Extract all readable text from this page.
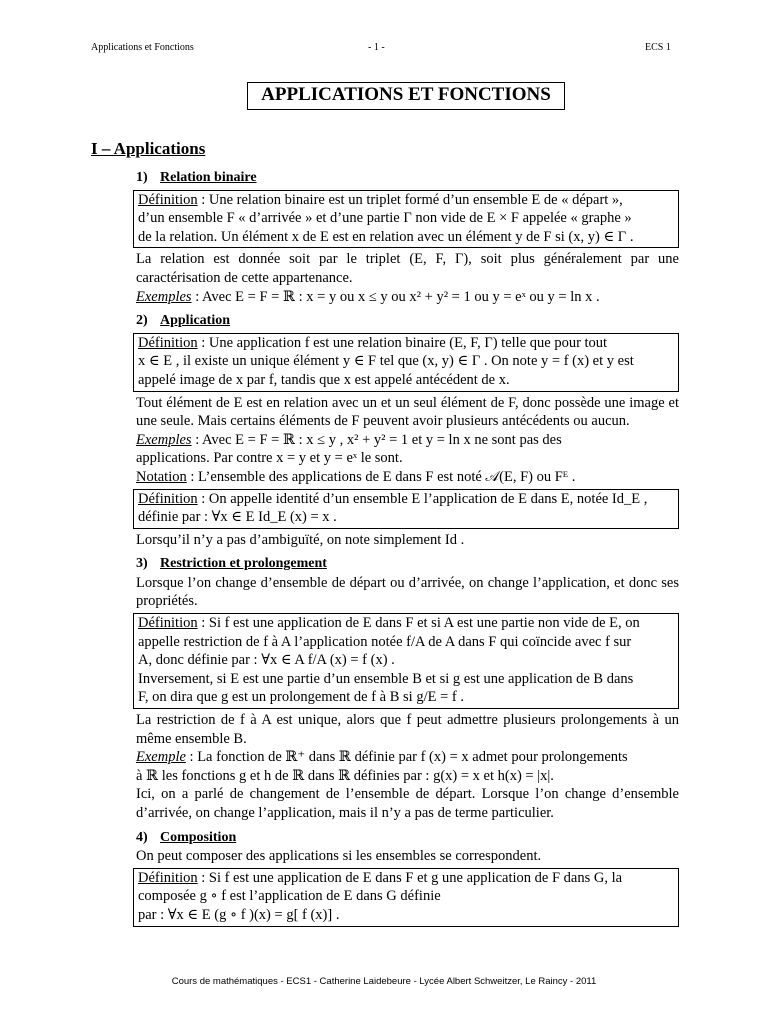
Applications et Fonctions	- 1 -	ECS 1
APPLICATIONS ET FONCTIONS
I – Applications
1) Relation binaire

Définition : Une relation binaire est un triplet formé d’un ensemble E de « départ »,

d’un ensemble F « d’arrivée » et d’une partie Γ non vide de E × F appelée « graphe »

de la relation. Un élément x de E est en relation avec un élément y de F si (x, y) ∈ Γ .

La relation est donnée soit par le triplet (E, F, Γ), soit plus généralement par une caractérisation de cette appartenance.

Exemples : Avec E = F = ℝ : x = y ou x ≤ y ou x² + y² = 1 ou y = eˣ ou y = ln x .

2) Application

Définition : Une application f est une relation binaire (E, F, Γ) telle que pour tout

x ∈ E , il existe un unique élément y ∈ F tel que (x, y) ∈ Γ . On note y = f (x) et y est

appelé image de x par f, tandis que x est appelé antécédent de x.

Tout élément de E est en relation avec un et un seul élément de F, donc possède une image et une seule. Mais certains éléments de F peuvent avoir plusieurs antécédents ou aucun.

Exemples : Avec E = F = ℝ : x ≤ y , x² + y² = 1 et y = ln x ne sont pas des

applications. Par contre x = y et y = eˣ le sont.

Notation : L’ensemble des applications de E dans F est noté 𝒜(E, F) ou Fᴱ .

Définition : On appelle identité d’un ensemble E l’application de E dans E, notée Id_E ,

définie par : ∀x ∈ E Id_E (x) = x .

Lorsqu’il n’y a pas d’ambiguïté, on note simplement Id .

3) Restriction et prolongement

Lorsque l’on change d’ensemble de départ ou d’arrivée, on change l’application, et donc ses propriétés.

Définition : Si f est une application de E dans F et si A est une partie non vide de E, on

appelle restriction de f à A l’application notée f/A de A dans F qui coïncide avec f sur

A, donc définie par : ∀x ∈ A f/A (x) = f (x) .

Inversement, si E est une partie d’un ensemble B et si g est une application de B dans

F, on dira que g est un prolongement de f à B si g/E = f .

La restriction de f à A est unique, alors que f peut admettre plusieurs prolongements à un même ensemble B.

Exemple : La fonction de ℝ⁺ dans ℝ définie par f (x) = x admet pour prolongements

à ℝ les fonctions g et h de ℝ dans ℝ définies par : g(x) = x et h(x) = |x|.

Ici, on a parlé de changement de l’ensemble de départ. Lorsque l’on change d’ensemble d’arrivée, on change l’application, mais il n’y a pas de terme particulier.

4) Composition

On peut composer des applications si les ensembles se correspondent.

Définition : Si f est une application de E dans F et g une application de F dans G, la

composée g ∘ f est l’application de E dans G définie

par : ∀x ∈ E (g ∘ f )(x) = g[ f (x)] .

Cours de mathématiques - ECS1 - Catherine Laidebeure - Lycée Albert Schweitzer, Le Raincy - 2011
